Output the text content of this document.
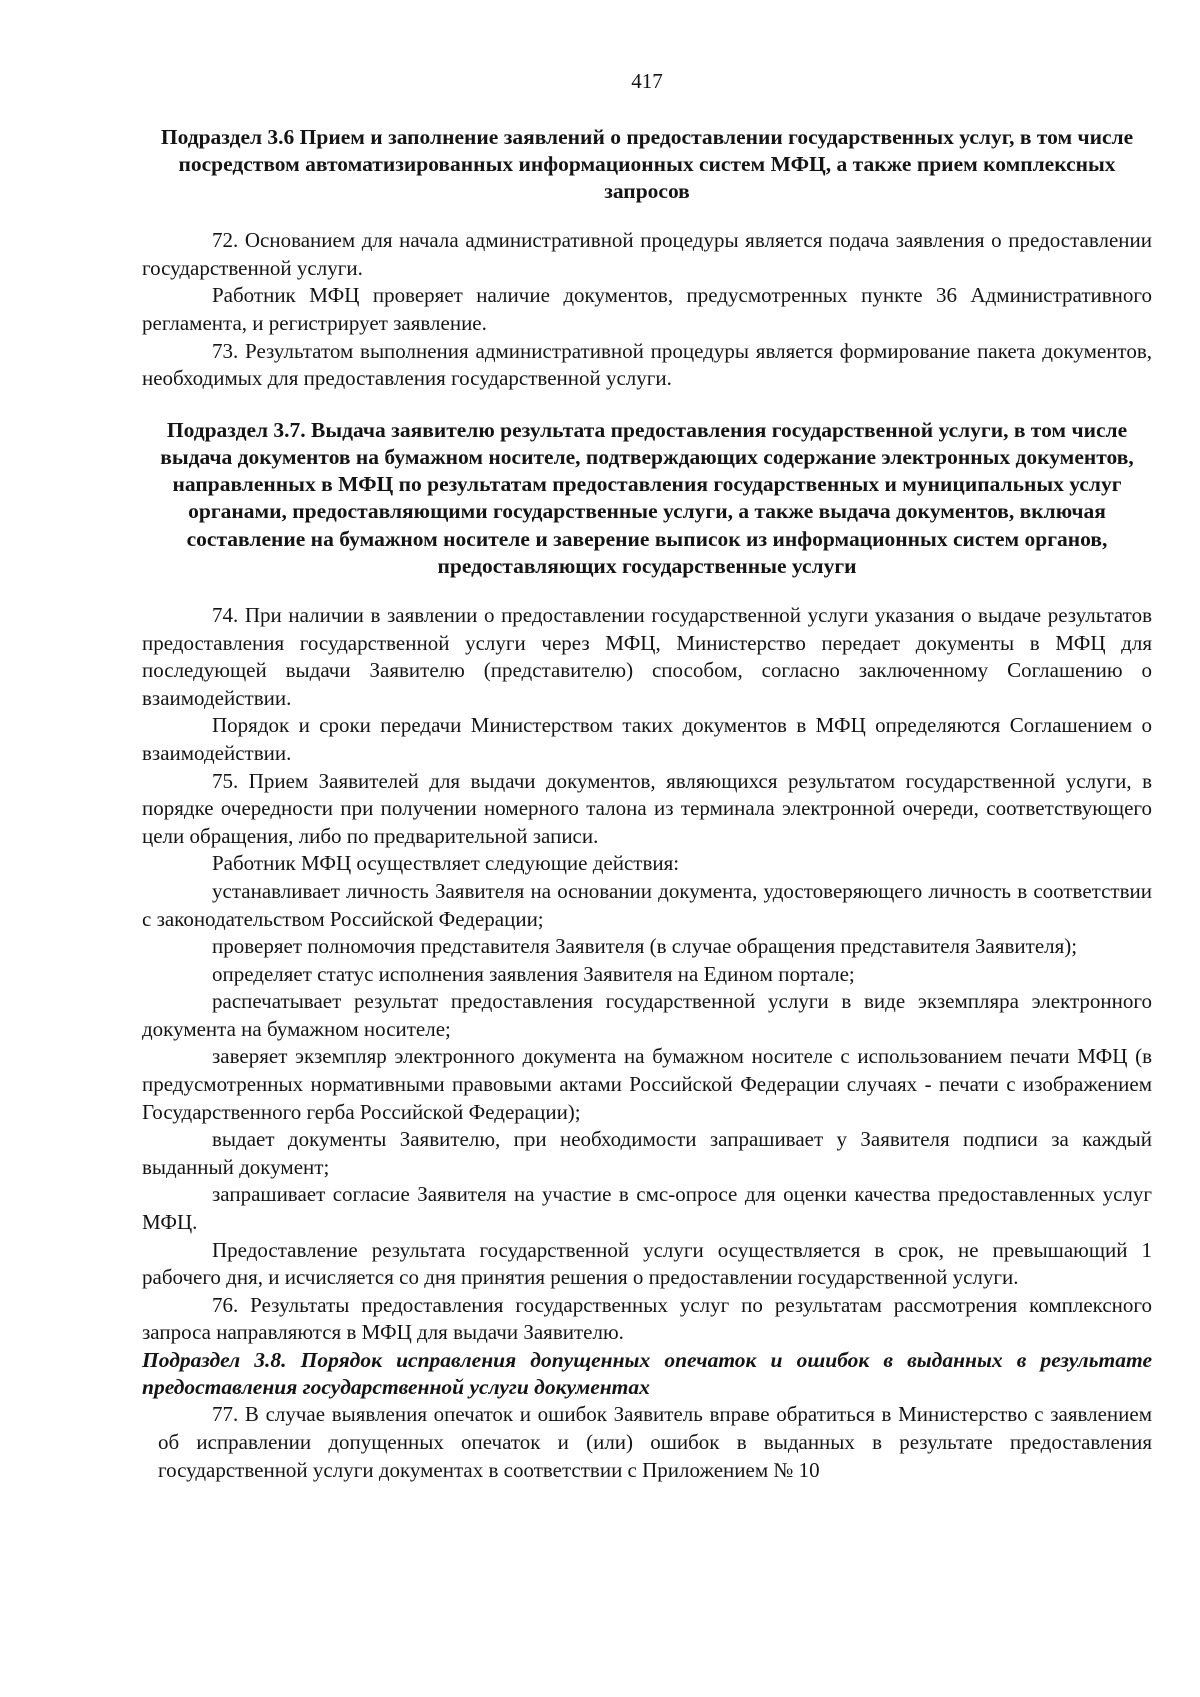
417
Подраздел 3.6 Прием и заполнение заявлений о предоставлении государственных услуг, в том числе посредством автоматизированных информационных систем МФЦ, а также прием комплексных запросов

72. Основанием для начала административной процедуры является подача заявления о предоставлении государственной услуги.

Работник МФЦ проверяет наличие документов, предусмотренных пункте 36 Административного регламента, и регистрирует заявление.

73. Результатом выполнения административной процедуры является формирование пакета документов, необходимых для предоставления государственной услуги.

Подраздел 3.7. Выдача заявителю результата предоставления государственной услуги, в том числе выдача документов на бумажном носителе, подтверждающих содержание электронных документов, направленных в МФЦ по результатам предоставления государственных и муниципальных услуг органами, предоставляющими государственные услуги, а также выдача документов, включая составление на бумажном носителе и заверение выписок из информационных систем органов, предоставляющих государственные услуги

74. При наличии в заявлении о предоставлении государственной услуги указания о выдаче результатов предоставления государственной услуги через МФЦ, Министерство передает документы в МФЦ для последующей выдачи Заявителю (представителю) способом, согласно заключенному Соглашению о взаимодействии.

Порядок и сроки передачи Министерством таких документов в МФЦ определяются Соглашением о взаимодействии.

75. Прием Заявителей для выдачи документов, являющихся результатом государственной услуги, в порядке очередности при получении номерного талона из терминала электронной очереди, соответствующего цели обращения, либо по предварительной записи.

Работник МФЦ осуществляет следующие действия:

устанавливает личность Заявителя на основании документа, удостоверяющего личность в соответствии с законодательством Российской Федерации;

проверяет полномочия представителя Заявителя (в случае обращения представителя Заявителя);

определяет статус исполнения заявления Заявителя на Едином портале;

распечатывает результат предоставления государственной услуги в виде экземпляра электронного документа на бумажном носителе;

заверяет экземпляр электронного документа на бумажном носителе с использованием печати МФЦ (в предусмотренных нормативными правовыми актами Российской Федерации случаях - печати с изображением Государственного герба Российской Федерации);

выдает документы Заявителю, при необходимости запрашивает у Заявителя подписи за каждый выданный документ;

запрашивает согласие Заявителя на участие в смс-опросе для оценки качества предоставленных услуг МФЦ.

Предоставление результата государственной услуги осуществляется в срок, не превышающий 1 рабочего дня, и исчисляется со дня принятия решения о предоставлении государственной услуги.

76. Результаты предоставления государственных услуг по результатам рассмотрения комплексного запроса направляются в МФЦ для выдачи Заявителю.

Подраздел 3.8. Порядок исправления допущенных опечаток и ошибок в выданных в результате предоставления государственной услуги документах

77. В случае выявления опечаток и ошибок Заявитель вправе обратиться в Министерство с заявлением об исправлении допущенных опечаток и (или) ошибок в выданных в результате предоставления государственной услуги документах в соответствии с Приложением № 10
